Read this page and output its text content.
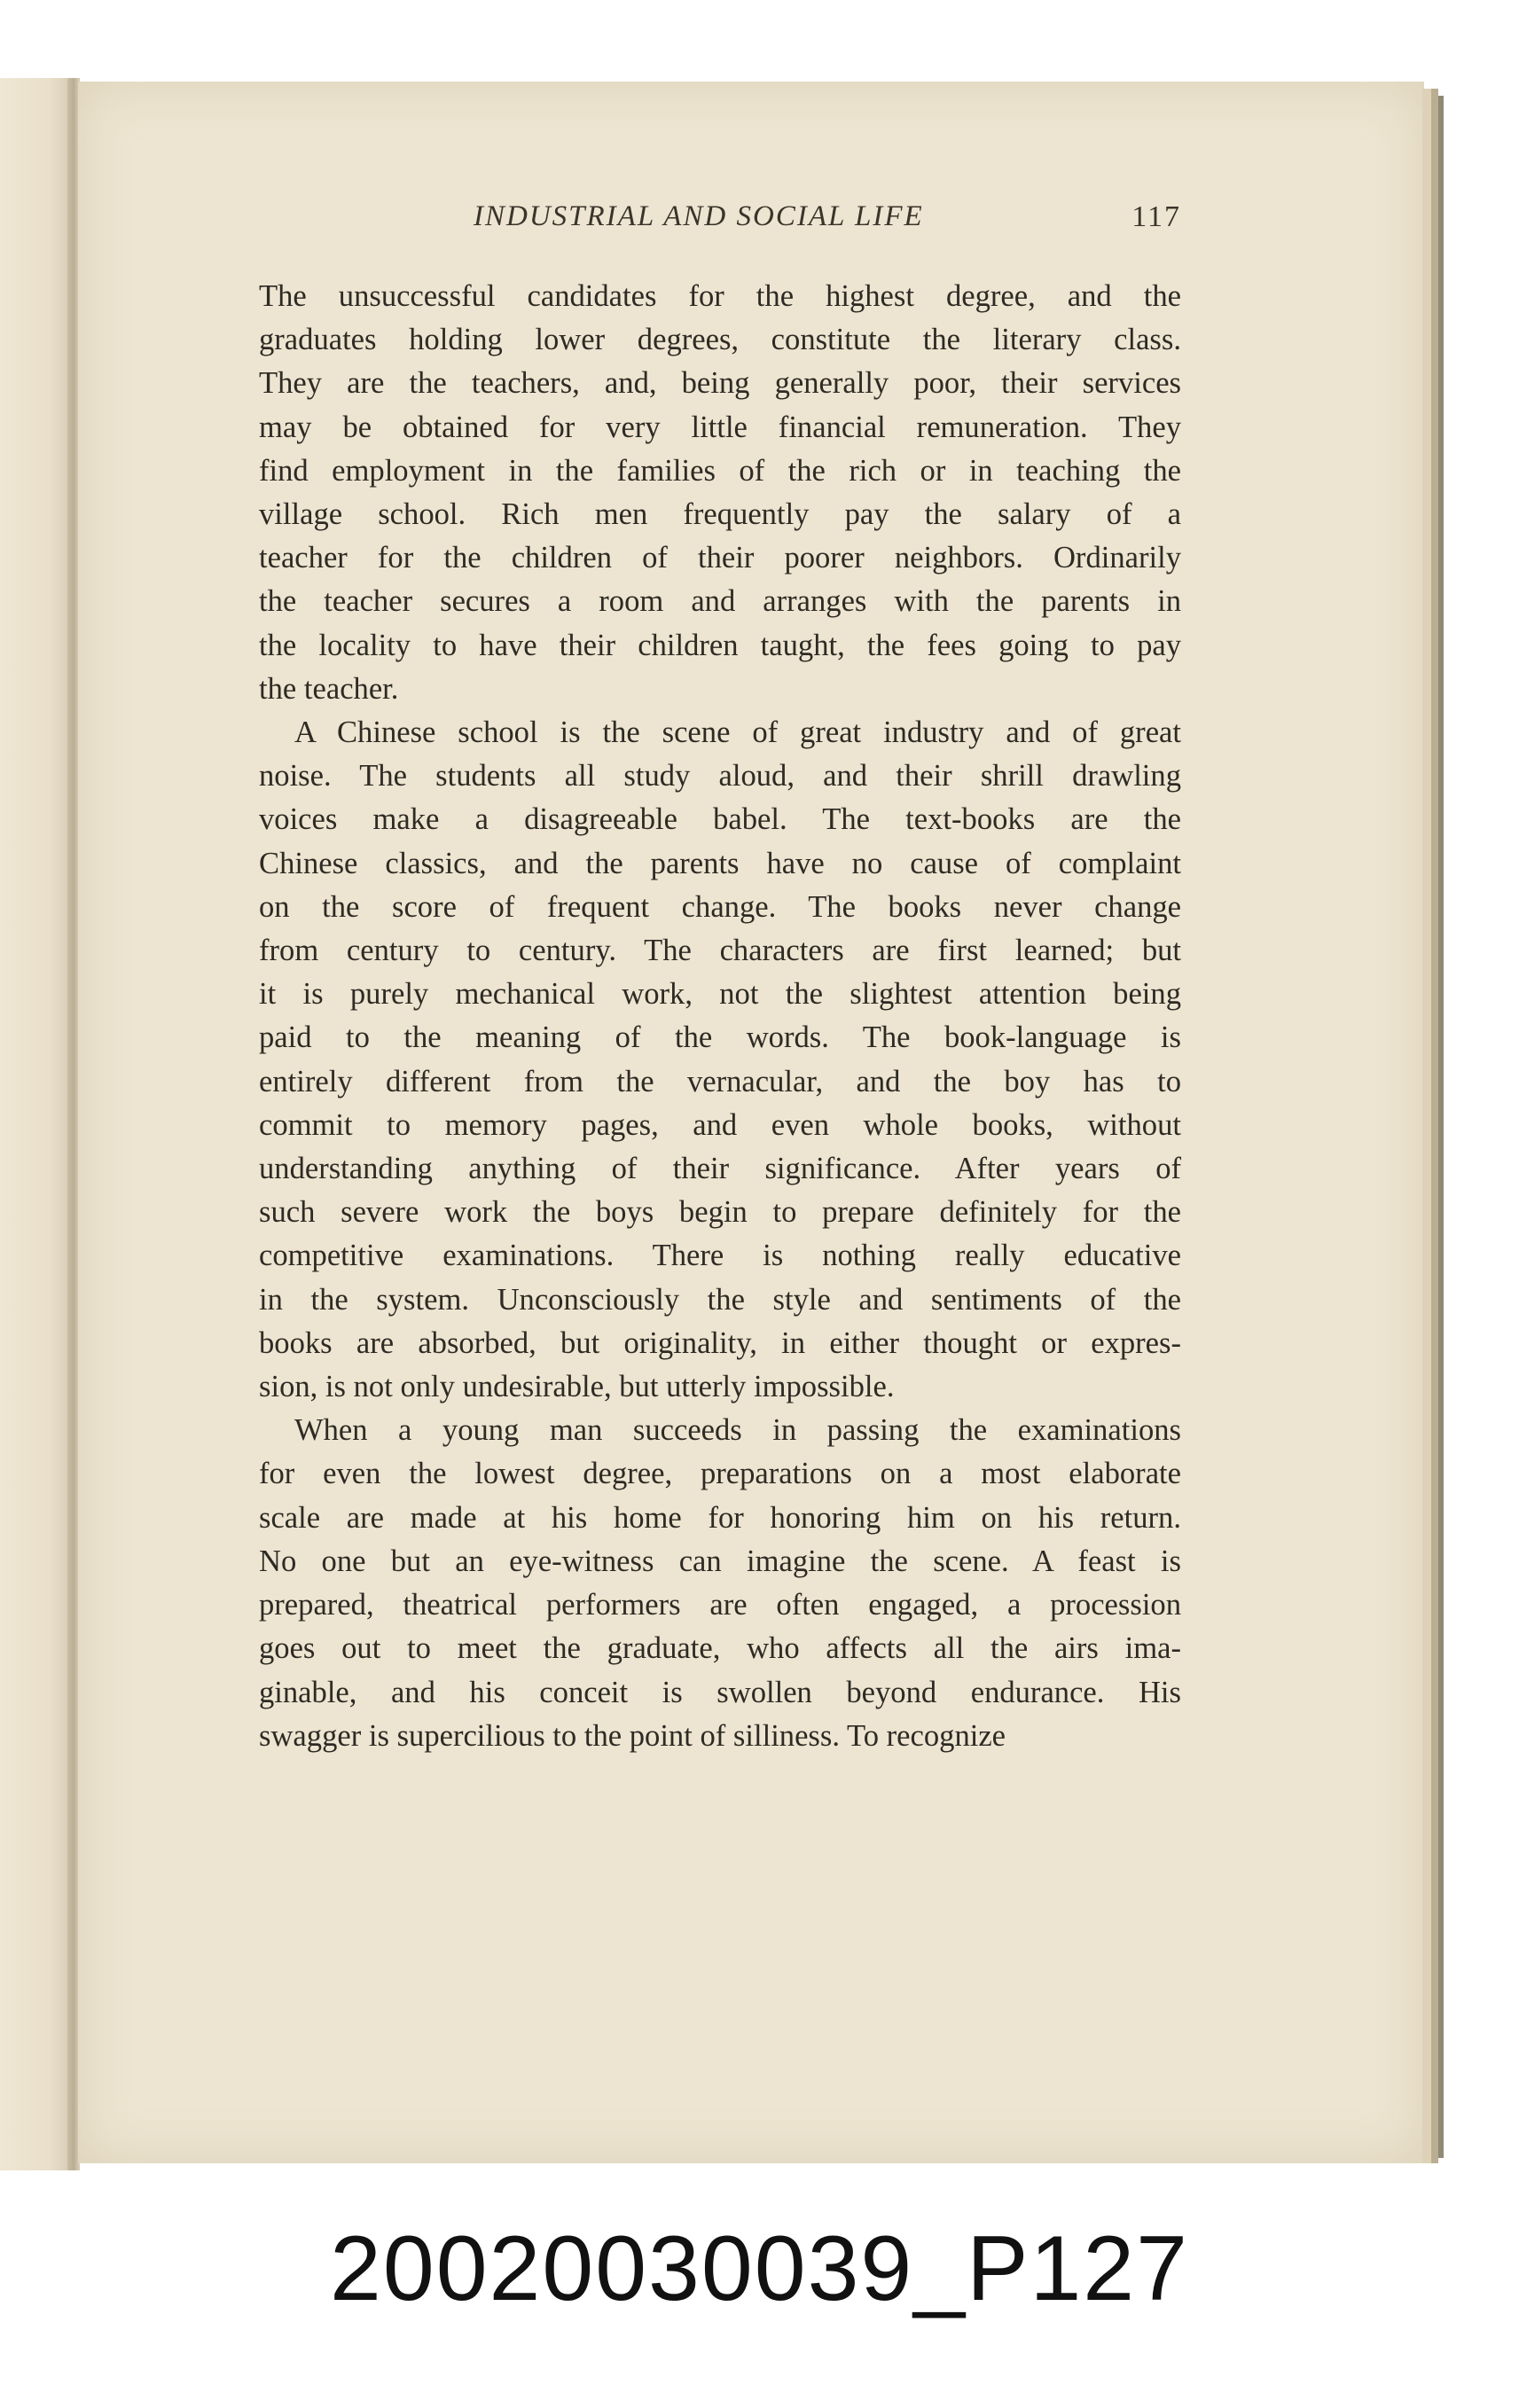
INDUSTRIAL AND SOCIAL LIFE	117

The unsuccessful candidates for the highest degree, and the
graduates holding lower degrees, constitute the literary class.
They are the teachers, and, being generally poor, their services
may be obtained for very little financial remuneration. They
find employment in the families of the rich or in teaching the
village school. Rich men frequently pay the salary of a
teacher for the children of their poorer neighbors. Ordinarily
the teacher secures a room and arranges with the parents in
the locality to have their children taught, the fees going to pay
the teacher.

A Chinese school is the scene of great industry and of great
noise. The students all study aloud, and their shrill drawling
voices make a disagreeable babel. The text-books are the
Chinese classics, and the parents have no cause of complaint
on the score of frequent change. The books never change
from century to century. The characters are first learned; but
it is purely mechanical work, not the slightest attention being
paid to the meaning of the words. The book-language is
entirely different from the vernacular, and the boy has to
commit to memory pages, and even whole books, without
understanding anything of their significance. After years of
such severe work the boys begin to prepare definitely for the
competitive examinations. There is nothing really educative
in the system. Unconsciously the style and sentiments of the
books are absorbed, but originality, in either thought or expres-
sion, is not only undesirable, but utterly impossible.

When a young man succeeds in passing the examinations
for even the lowest degree, preparations on a most elaborate
scale are made at his home for honoring him on his return.
No one but an eye-witness can imagine the scene. A feast is
prepared, theatrical performers are often engaged, a procession
goes out to meet the graduate, who affects all the airs ima-
ginable, and his conceit is swollen beyond endurance. His
swagger is supercilious to the point of silliness. To recognize

20020030039_P127
